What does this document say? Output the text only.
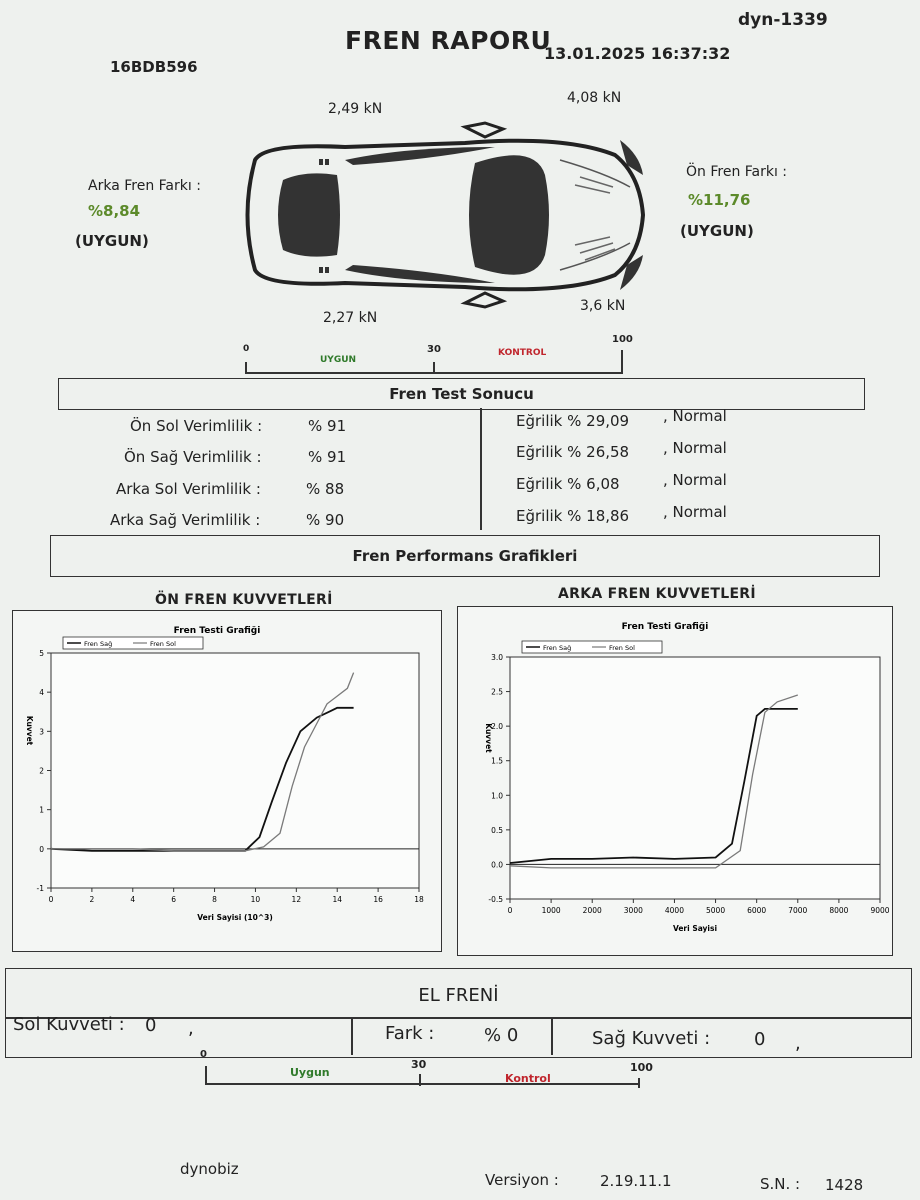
FREN RAPORU
dyn-1339
16BDB596
13.01.2025 16:37:32
2,49 kN
4,08 kN
2,27 kN
3,6 kN
Arka Fren Farkı :
%8,84
(UYGUN)
Ön Fren Farkı :
%11,76
(UYGUN)
0	30
100
UYGUN
KONTROL
Fren Test Sonucu
Ön Sol Verimlilik :	% 91	Eğrilik % 29,09 , Normal
Ön Sağ Verimlilik :	% 91	Eğrilik % 26,58 , Normal
Arka Sol Verimlilik :	% 88	Eğrilik % 6,08	, Normal
Arka Sağ Verimlilik :	% 90	Eğrilik % 18,86 , Normal
Fren Performans Grafikleri
ÖN FREN KUVVETLERİ	ARKA FREN KUVVETLERİ
Fren Testi Grafiği
Fren Sağ	Fren Sol
0	2	4	6	8	10	12	14	16	18
-1
0
1
2
3
4
5
Veri Sayisi (10^3)
Kuvvet
Fren Testi Grafiği
Fren Sağ	Fren Sol
0	1000	2000	3000	4000	5000	6000	7000	8000	9000
-0.5
0.0
0.5
1.0
1.5
2.0
2.5
3.0
Veri Sayisi
Kuvvet
EL FRENİ
Sol Kuvveti : 0 ,	Fark :	% 0	Sağ Kuvveti : 0 ,
0
30	100
Uygun	Kontrol
dynobiz
Versiyon :	2.19.11.1	S.N. : 1428
